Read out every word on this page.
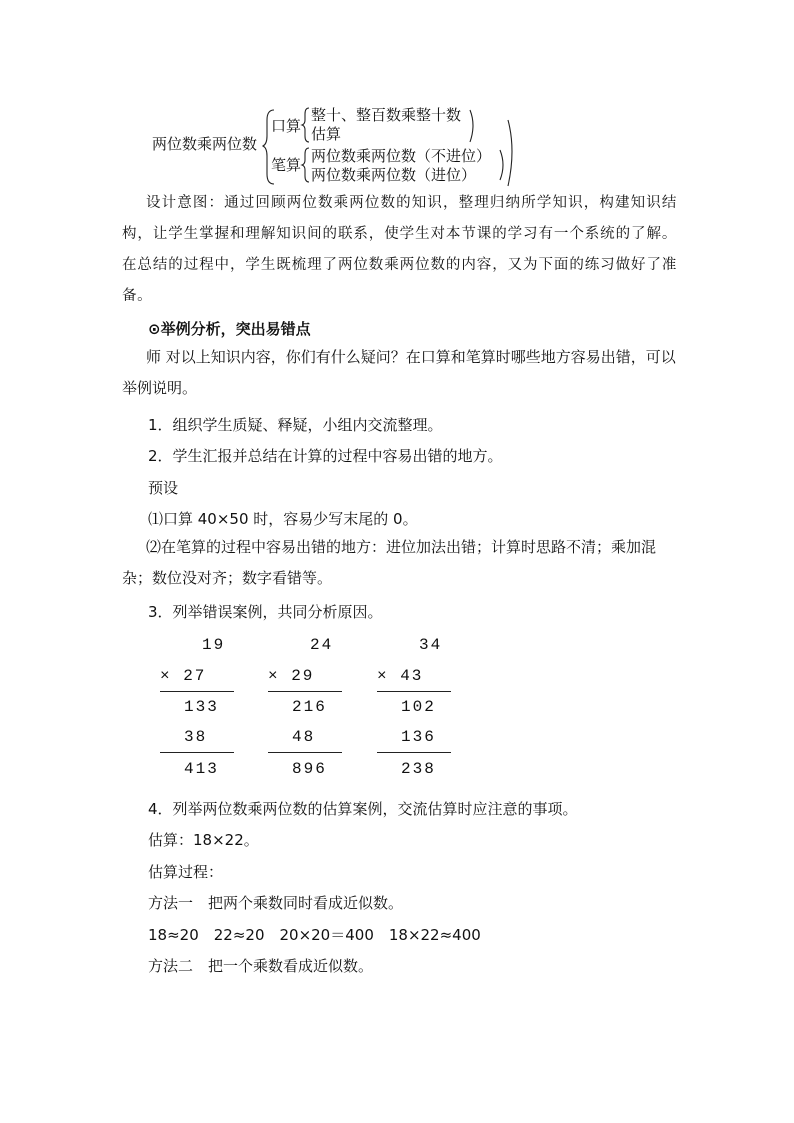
两位数乘两位数
口算
笔算
整十、整百数乘整十数
估算
两位数乘两位数（不进位）
两位数乘两位数（进位）
设计意图：通过回顾两位数乘两位数的知识，整理归纳所学知识，构建知识结构，让学生掌握和理解知识间的联系，使学生对本节课的学习有一个系统的了解。在总结的过程中，学生既梳理了两位数乘两位数的内容，又为下面的练习做好了准备。
⊙举例分析，突出易错点
师 对以上知识内容，你们有什么疑问？在口算和笔算时哪些地方容易出错，可以举例说明。
1．组织学生质疑、释疑，小组内交流整理。
2．学生汇报并总结在计算的过程中容易出错的地方。
预设
⑴口算 40×50 时，容易少写末尾的 0。
⑵在笔算的过程中容易出错的地方：进位加法出错；计算时思路不清；乘加混杂；数位没对齐；数字看错等。
3．列举错误案例，共同分析原因。
19
× 27
133
38
413
24
× 29
216
48
896
34
× 43
102
136
238
4．列举两位数乘两位数的估算案例，交流估算时应注意的事项。
估算：18×22。
估算过程：
方法一　把两个乘数同时看成近似数。
18≈20　22≈20　20×20＝400　18×22≈400
方法二　把一个乘数看成近似数。
